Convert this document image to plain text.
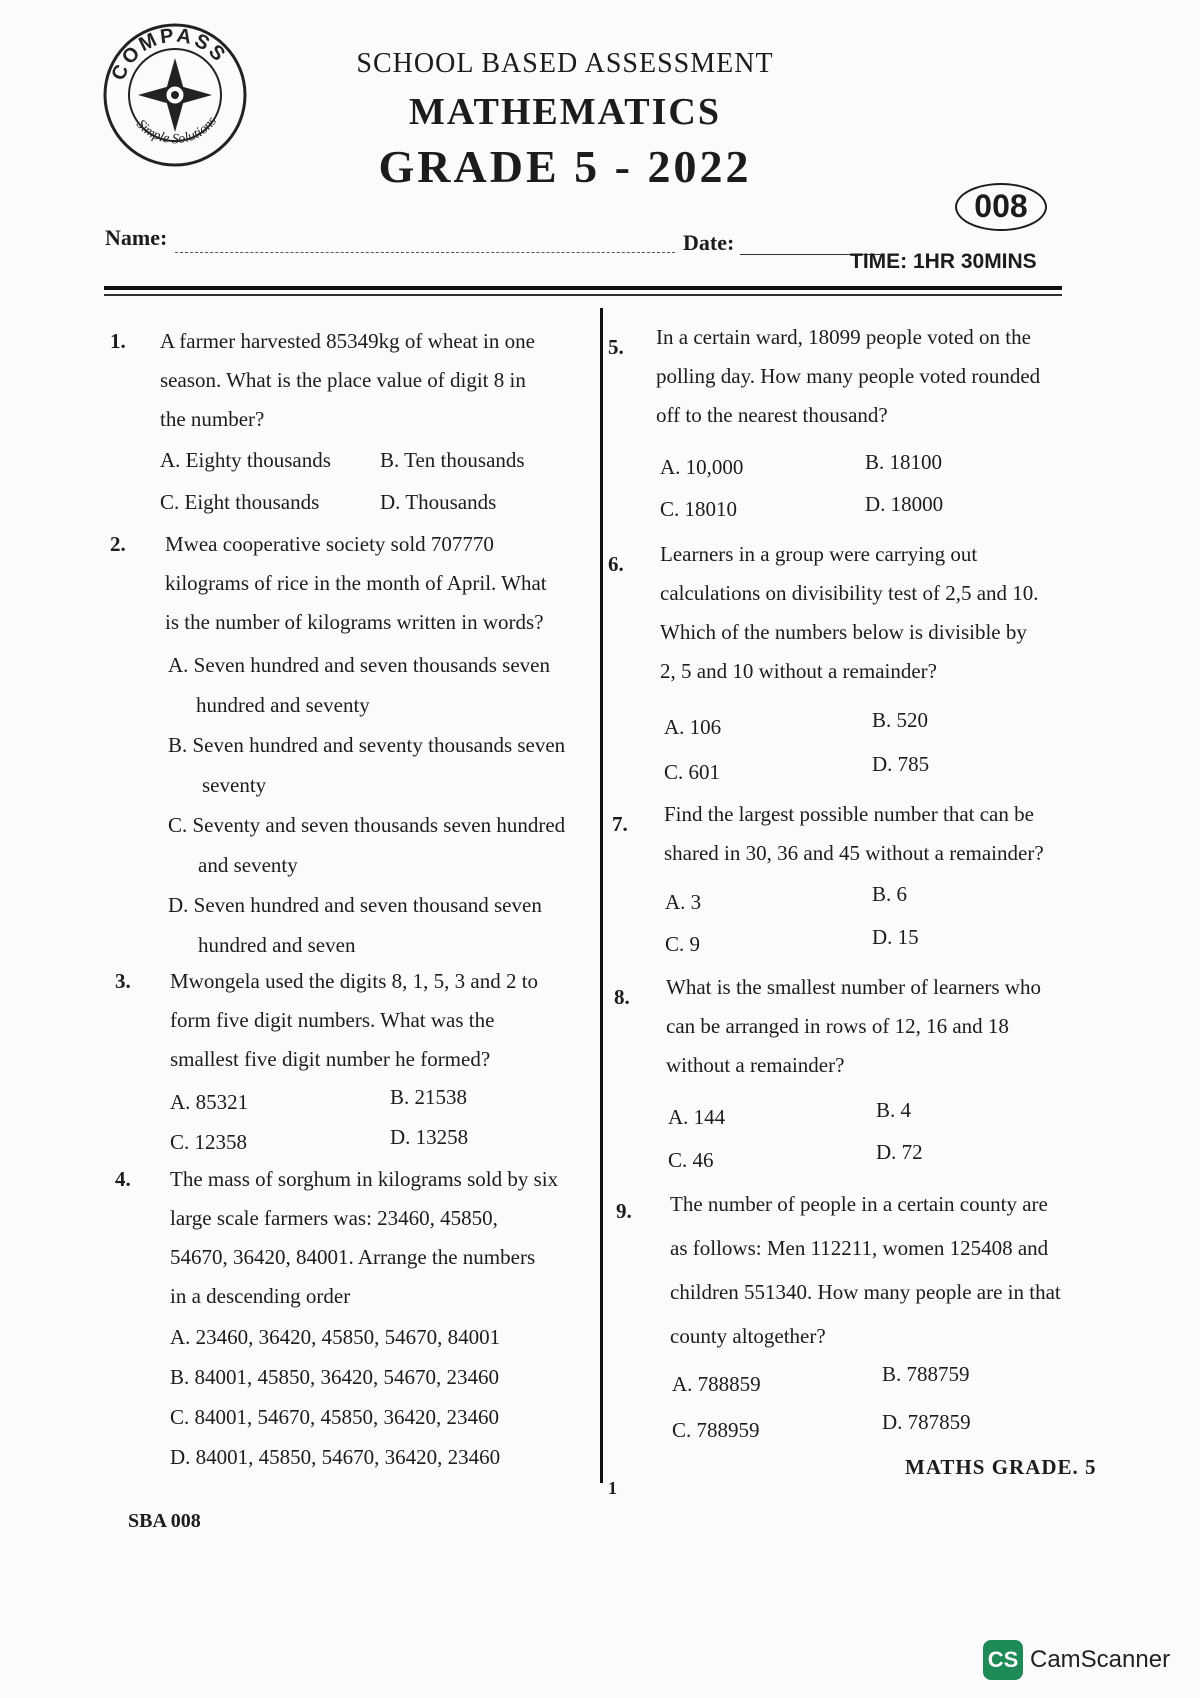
COMPASS
Simple Solutions
SCHOOL BASED ASSESSMENT
MATHEMATICS
GRADE 5 - 2022
008
Name:	Date:
TIME: 1HR 30MINS
1. A farmer harvested 85349kg of wheat in one
season. What is the place value of digit 8 in
the number?
A. Eighty thousands B. Ten thousands
C. Eight thousands	D. Thousands
2. Mwea cooperative society sold 707770
kilograms of rice in the month of April. What
is the number of kilograms written in words?
A. Seven hundred and seven thousands seven
hundred and seventy
B. Seven hundred and seventy thousands seven
seventy
C. Seventy and seven thousands seven hundred
and seventy
D. Seven hundred and seven thousand seven
hundred and seven
3. Mwongela used the digits 8, 1, 5, 3 and 2 to
form five digit numbers. What was the
smallest five digit number he formed?
A. 85321	B. 21538
C. 12358	D. 13258
4. The mass of sorghum in kilograms sold by six
large scale farmers was: 23460, 45850,
54670, 36420, 84001. Arrange the numbers
in a descending order
A. 23460, 36420, 45850, 54670, 84001
B. 84001, 45850, 36420, 54670, 23460
C. 84001, 54670, 45850, 36420, 23460
D. 84001, 45850, 54670, 36420, 23460
5. In a certain ward, 18099 people voted on the
polling day. How many people voted rounded
off to the nearest thousand?
A. 10,000	B. 18100
C. 18010	D. 18000
6. Learners in a group were carrying out
calculations on divisibility test of 2,5 and 10.
Which of the numbers below is divisible by
2, 5 and 10 without a remainder?
A. 106	B. 520
C. 601	D. 785
7. Find the largest possible number that can be
shared in 30, 36 and 45 without a remainder?
A. 3	B. 6
C. 9	D. 15
8. What is the smallest number of learners who
can be arranged in rows of 12, 16 and 18
without a remainder?
A. 144	B. 4
C. 46	D. 72
9. The number of people in a certain county are
as follows: Men 112211, women 125408 and
children 551340. How many people are in that
county altogether?
A. 788859	B. 788759
C. 788959	D. 787859
SBA 008
1
MATHS GRADE. 5
CS CamScanner
